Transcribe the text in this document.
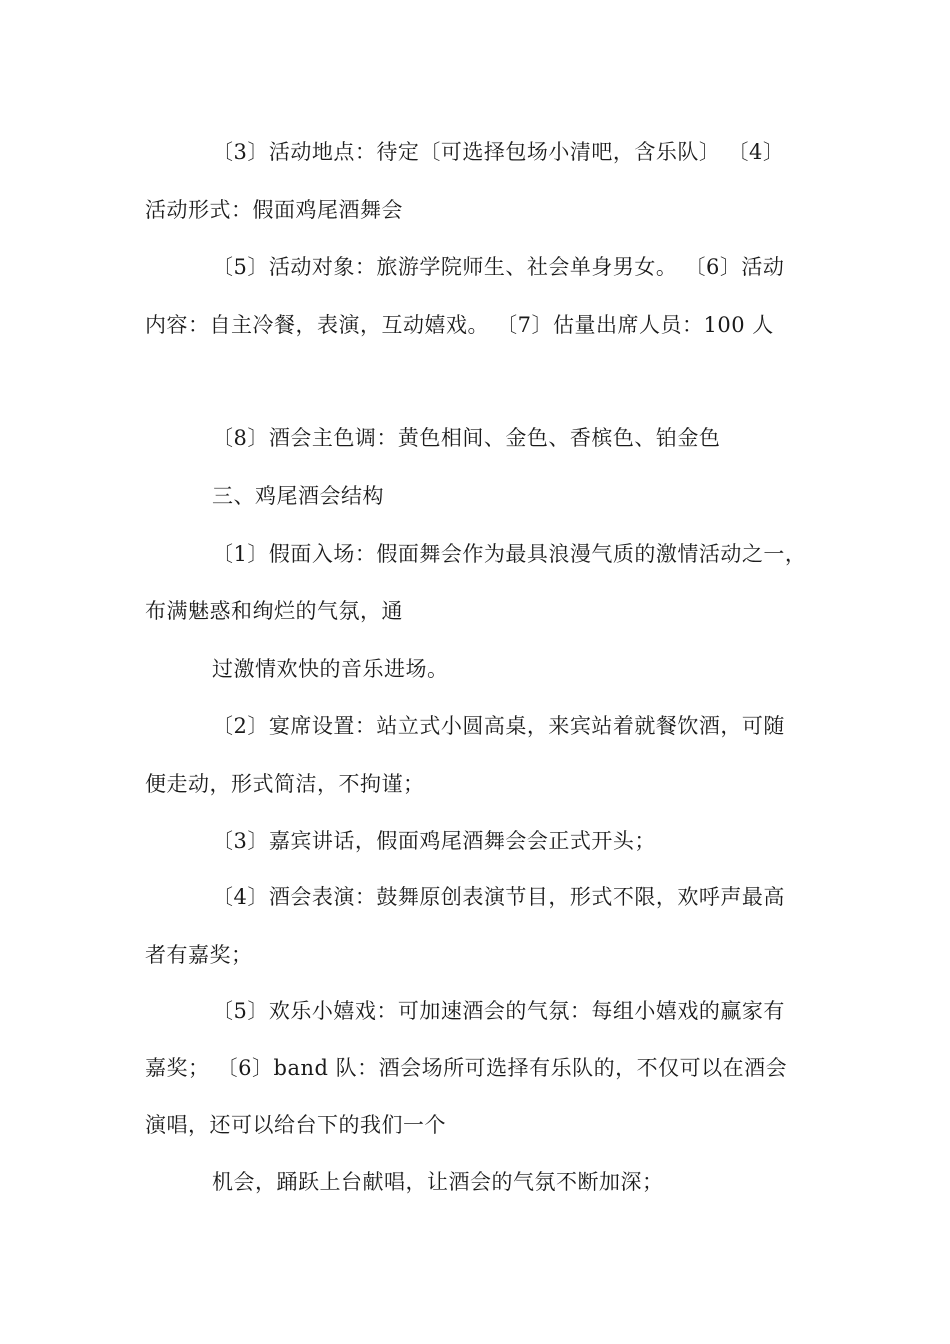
〔3〕活动地点：待定〔可选择包场小清吧，含乐队〕 〔4〕
活动形式：假面鸡尾酒舞会
〔5〕活动对象：旅游学院师生、社会单身男女。 〔6〕活动
内容：自主冷餐，表演，互动嬉戏。 〔7〕估量出席人员：100 人
〔8〕酒会主色调：黄色相间、金色、香槟色、铂金色
三、鸡尾酒会结构
〔1〕假面入场：假面舞会作为最具浪漫气质的激情活动之一，
布满魅惑和绚烂的气氛，通
过激情欢快的音乐进场。
〔2〕宴席设置：站立式小圆高桌，来宾站着就餐饮酒，可随
便走动，形式简洁，不拘谨；
〔3〕嘉宾讲话，假面鸡尾酒舞会会正式开头；
〔4〕酒会表演：鼓舞原创表演节目，形式不限，欢呼声最高
者有嘉奖；
〔5〕欢乐小嬉戏：可加速酒会的气氛：每组小嬉戏的赢家有
嘉奖； 〔6〕band 队：酒会场所可选择有乐队的，不仅可以在酒会
演唱，还可以给台下的我们一个
机会，踊跃上台献唱，让酒会的气氛不断加深；
